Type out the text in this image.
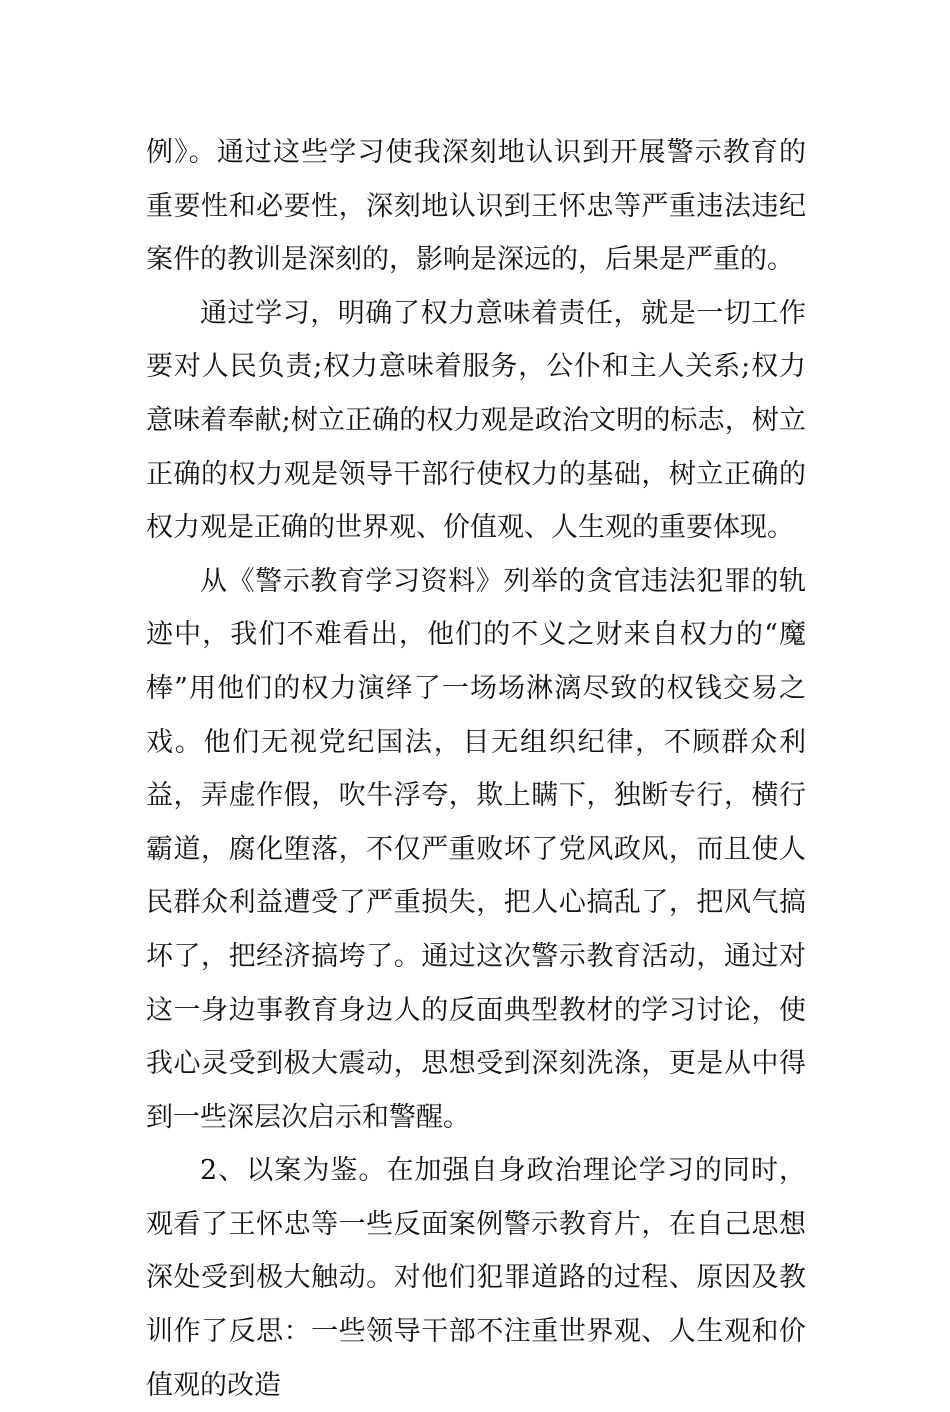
例》。通过这些学习使我深刻地认识到开展警示教育的重要性和必要性，深刻地认识到王怀忠等严重违法违纪案件的教训是深刻的，影响是深远的，后果是严重的。

通过学习，明确了权力意味着责任，就是一切工作要对人民负责;权力意味着服务，公仆和主人关系;权力意味着奉献;树立正确的权力观是政治文明的标志，树立正确的权力观是领导干部行使权力的基础，树立正确的权力观是正确的世界观、价值观、人生观的重要体现。

从《警示教育学习资料》列举的贪官违法犯罪的轨迹中，我们不难看出，他们的不义之财来自权力的“魔棒”用他们的权力演绎了一场场淋漓尽致的权钱交易之戏。他们无视党纪国法，目无组织纪律，不顾群众利益，弄虚作假，吹牛浮夸，欺上瞒下，独断专行，横行霸道，腐化堕落，不仅严重败坏了党风政风，而且使人民群众利益遭受了严重损失，把人心搞乱了，把风气搞坏了，把经济搞垮了。通过这次警示教育活动，通过对这一身边事教育身边人的反面典型教材的学习讨论，使我心灵受到极大震动，思想受到深刻洗涤，更是从中得到一些深层次启示和警醒。

2、以案为鉴。在加强自身政治理论学习的同时，观看了王怀忠等一些反面案例警示教育片，在自己思想深处受到极大触动。对他们犯罪道路的过程、原因及教训作了反思：一些领导干部不注重世界观、人生观和价值观的改造
